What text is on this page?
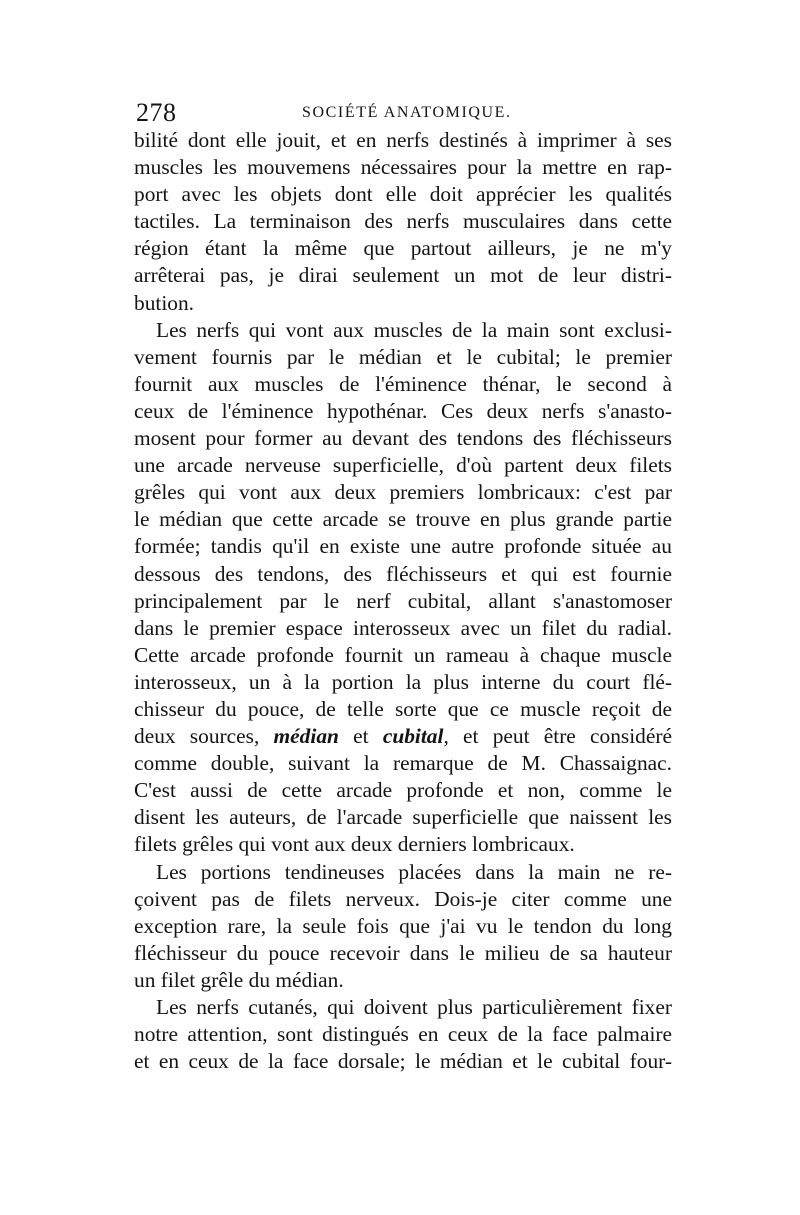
278	SOCIÉTÉ ANATOMIQUE.
bilité dont elle jouit, et en nerfs destinés à imprimer à ses
muscles les mouvemens nécessaires pour la mettre en rap-
port avec les objets dont elle doit apprécier les qualités
tactiles. La terminaison des nerfs musculaires dans cette
région étant la même que partout ailleurs, je ne m'y
arrêterai pas, je dirai seulement un mot de leur distri-
bution.
Les nerfs qui vont aux muscles de la main sont exclusi-
vement fournis par le médian et le cubital; le premier
fournit aux muscles de l'éminence thénar, le second à
ceux de l'éminence hypothénar. Ces deux nerfs s'anasto-
mosent pour former au devant des tendons des fléchisseurs
une arcade nerveuse superficielle, d'où partent deux filets
grêles qui vont aux deux premiers lombricaux: c'est par
le médian que cette arcade se trouve en plus grande partie
formée; tandis qu'il en existe une autre profonde située au
dessous des tendons, des fléchisseurs et qui est fournie
principalement par le nerf cubital, allant s'anastomoser
dans le premier espace interosseux avec un filet du radial.
Cette arcade profonde fournit un rameau à chaque muscle
interosseux, un à la portion la plus interne du court flé-
chisseur du pouce, de telle sorte que ce muscle reçoit de
deux sources, médian et cubital, et peut être considéré
comme double, suivant la remarque de M. Chassaignac.
C'est aussi de cette arcade profonde et non, comme le
disent les auteurs, de l'arcade superficielle que naissent les
filets grêles qui vont aux deux derniers lombricaux.
Les portions tendineuses placées dans la main ne re-
çoivent pas de filets nerveux. Dois-je citer comme une
exception rare, la seule fois que j'ai vu le tendon du long
fléchisseur du pouce recevoir dans le milieu de sa hauteur
un filet grêle du médian.
Les nerfs cutanés, qui doivent plus particulièrement fixer
notre attention, sont distingués en ceux de la face palmaire
et en ceux de la face dorsale; le médian et le cubital four-
